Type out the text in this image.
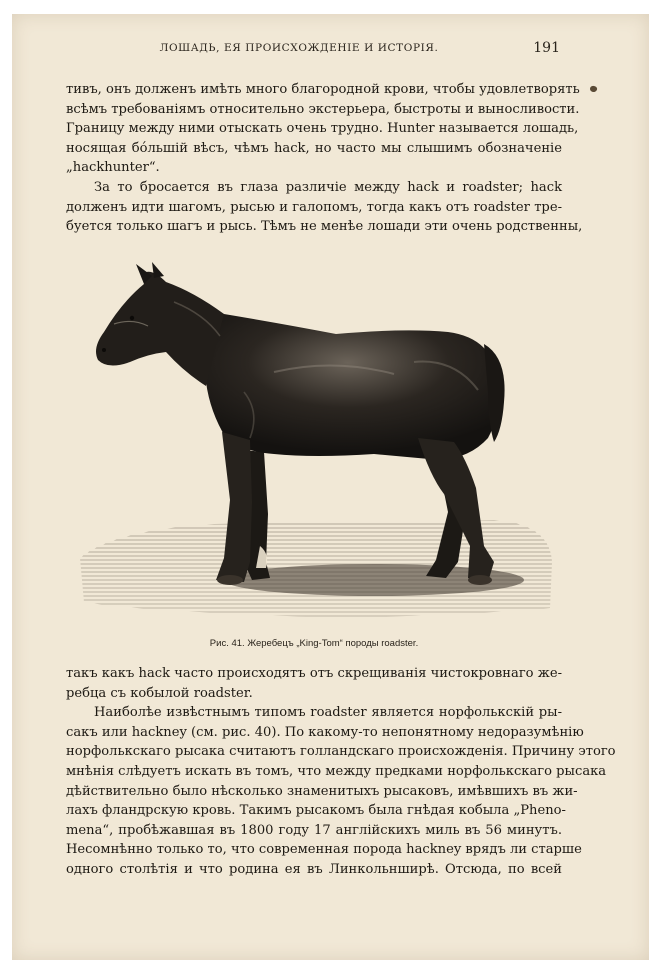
ЛОШАДЬ, ЕЯ ПРОИСХОЖДЕНІЕ И ИСТОРІЯ.	191
тивъ, онъ долженъ имѣть много благородной крови, чтобы удовлетворять
всѣмъ требованіямъ относительно экстерьера, быстроты и выносливости.
Границу между ними отыскать очень трудно. Hunter называется лошадь,
носящая бóльшій вѣсъ, чѣмъ hack, но часто мы слышимъ обозначеніе
„hackhunter“.
За то бросается въ глаза различіе между hack и roadster; hack
долженъ идти шагомъ, рысью и галопомъ, тогда какъ отъ roadster тре-
буется только шагъ и рысь. Тѣмъ не менѣе лошади эти очень родственны,
Рис. 41. Жеребецъ „King-Tom“ породы roadster.
такъ какъ hack часто происходятъ отъ скрещиванія чистокровнаго же-
ребца съ кобылой roadster.
Наиболѣе извѣстнымъ типомъ roadster является норфолькскій ры-
сакъ или hackney (см. рис. 40). По какому-то непонятному недоразумѣнію
норфолькскаго рысака считаютъ голландскаго происхожденія. Причину этого
мнѣнія слѣдуетъ искать въ томъ, что между предками норфолькскаго рысака
дѣйствительно было нѣсколько знаменитыхъ рысаковъ, имѣвшихъ въ жи-
лахъ фландрскую кровь. Такимъ рысакомъ была гнѣдая кобыла „Pheno-
mena“, пробѣжавшая въ 1800 году 17 англійскихъ миль въ 56 минутъ.
Несомнѣнно только то, что современная порода hackney врядъ ли старше
одного столѣтія и что родина ея въ Линкольнширѣ. Отсюда, по всей
